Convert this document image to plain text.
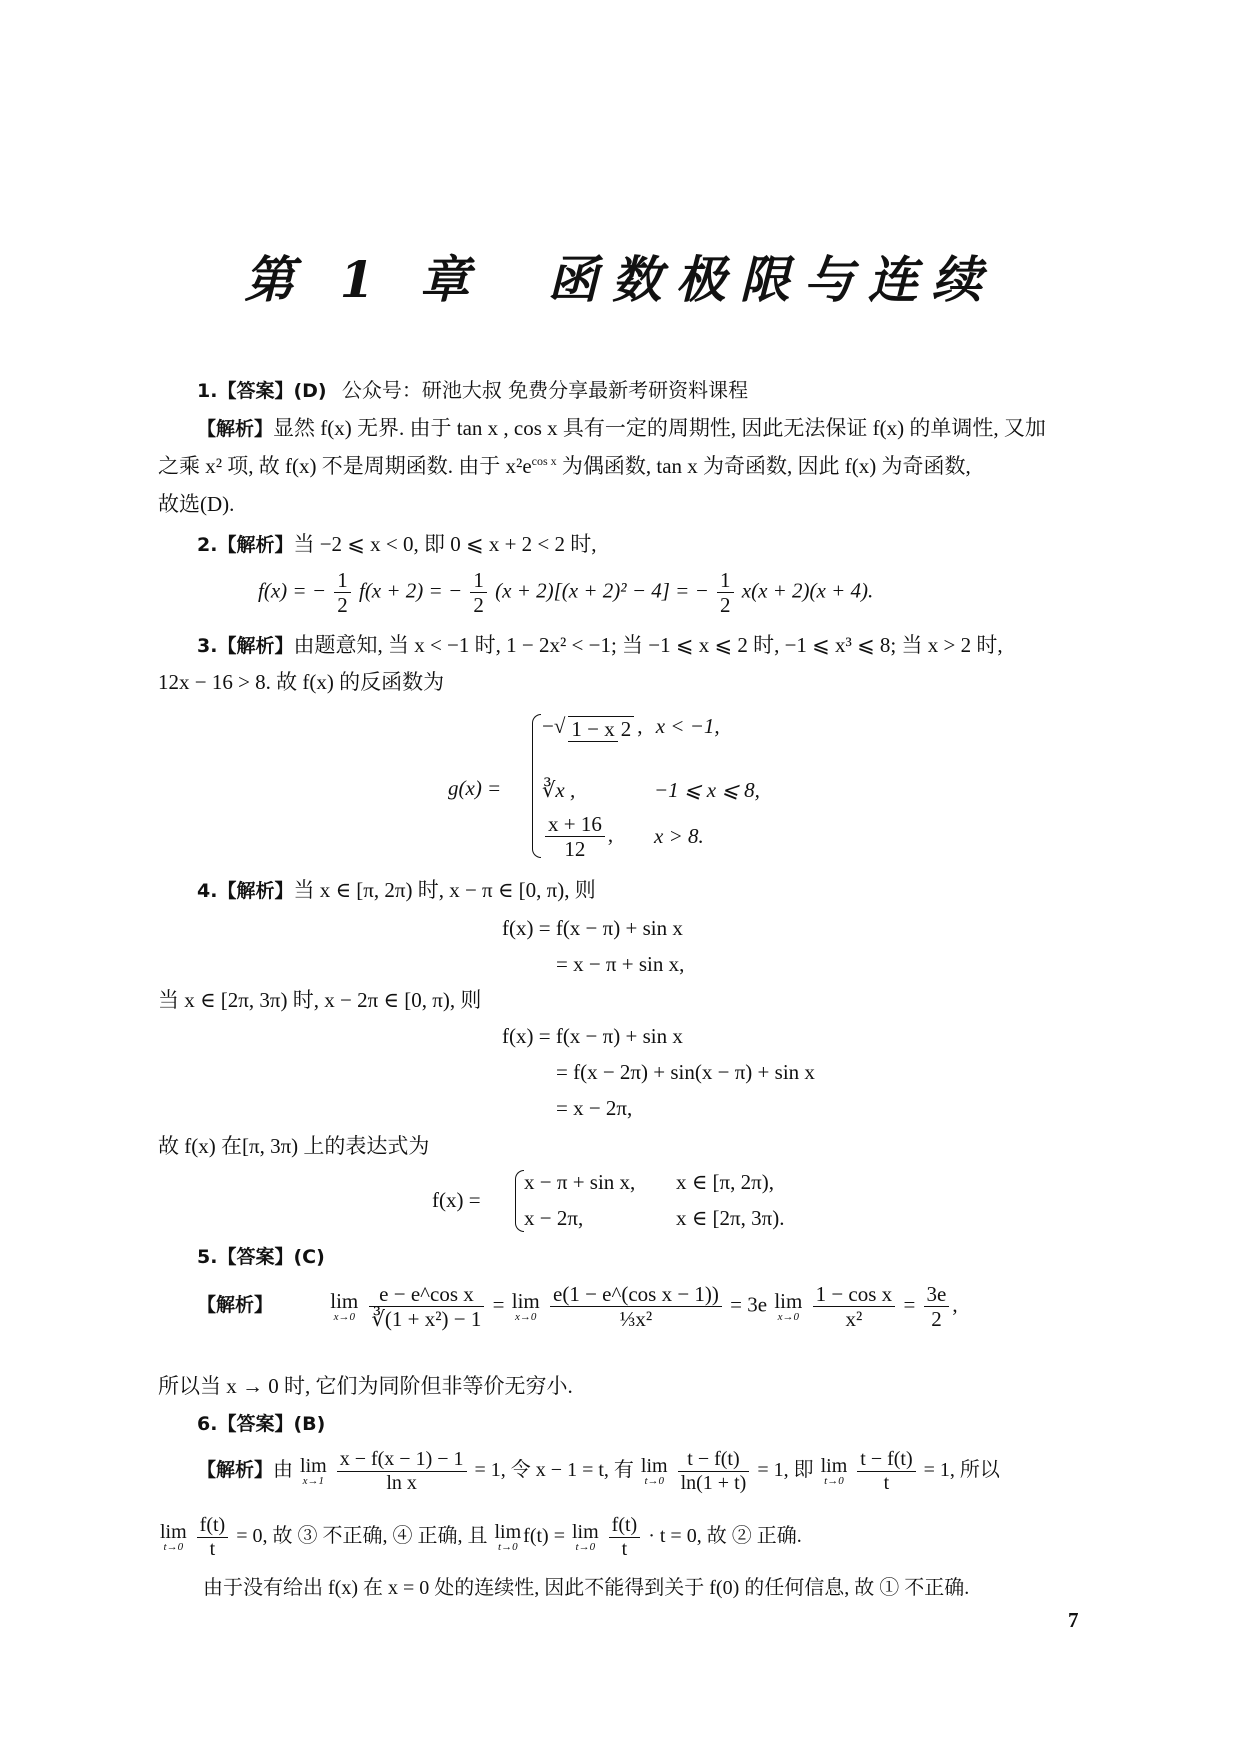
第 1 章　函数极限与连续
1.【答案】(D) 公众号：研池大叔 免费分享最新考研资料课程
【解析】显然 f(x) 无界. 由于 tan x , cos x 具有一定的周期性, 因此无法保证 f(x) 的单调性, 又加
之乘 x² 项, 故 f(x) 不是周期函数. 由于 $x^2e^{cos x}$ 为偶函数, tan x 为奇函数, 因此 f(x) 为奇函数,
故选(D).
2.【解析】当 −2 ⩽ x < 0, 即 0 ⩽ x + 2 < 2 时,
f(x) = − $\frac{1}{2} f(x + 2)$ = − $\frac{1}{2} (x + 2)[(x + 2)^2 - 4]$ = − $\frac{1}{2} x(x + 2)(x + 4)$.
3.【解析】由题意知, 当 x < −1 时, 1 − 2x² < −1; 当 −1 ⩽ x ⩽ 2 时, −1 ⩽ x³ ⩽ 8; 当 x > 2 时,
12x − 16 > 8. 故 f(x) 的反函数为
g(x) =
−√ 1 − x 2 , x < −1,
∛x ,	−1 ⩽ x ⩽ 8,
$\frac{x + 16}{12}$ , x > 8.
4.【解析】当 x ∈ [π, 2π) 时, x − π ∈ [0, π), 则
f(x) = f(x − π) + sin x
= x − π + sin x,
当 x ∈ [2π, 3π) 时, x − 2π ∈ [0, π), 则
f(x) = f(x − π) + sin x
= f(x − 2π) + sin(x − π) + sin x
= x − 2π,
故 f(x) 在[π, 3π) 上的表达式为
f(x) =
x − π + sin x, x ∈ [π, 2π),
x − 2π,	x ∈ [2π, 3π).
5.【答案】(C)
【解析】	lim
x→0
$\frac{\text{e − e\textasciicircum{}cos x}}{\text{∛(1 + x²) − 1}} = \lim$
x→0
$\frac{\text{e(1 − e\textasciicircum{}(cos x − 1))}}{\text{⅓x²}} = 3e$ lim
x→0
$\frac{\text{1 − cos x}}{\text{x²}} = \frac{3e}{2}$ ,
所以当 x → 0 时, 它们为同阶但非等价无穷小.
6.【答案】(B)
【解析】由 lim
x→1
$\frac{x - f(x - 1) - 1}{\text{ln x}} = 1$, 令 x − 1 = t, 有 lim
t→0
$\frac{t - f(t)}{\ln(1 + t)} = 1$, 即 lim
t→0
$\frac{t - f(t)}{t} = 1$, 所以
lim
t→0
$\frac{f(t)}{t} = 0$, 故 ③ 不正确, ④ 正确, 且 lim
t→0 f(t) = lim
t→0
$\frac{f(t)}{t} \cdot t = 0$, 故 ② 正确.
由于没有给出 f(x) 在 x = 0 处的连续性, 因此不能得到关于 f(0) 的任何信息, 故 ① 不正确.
7
